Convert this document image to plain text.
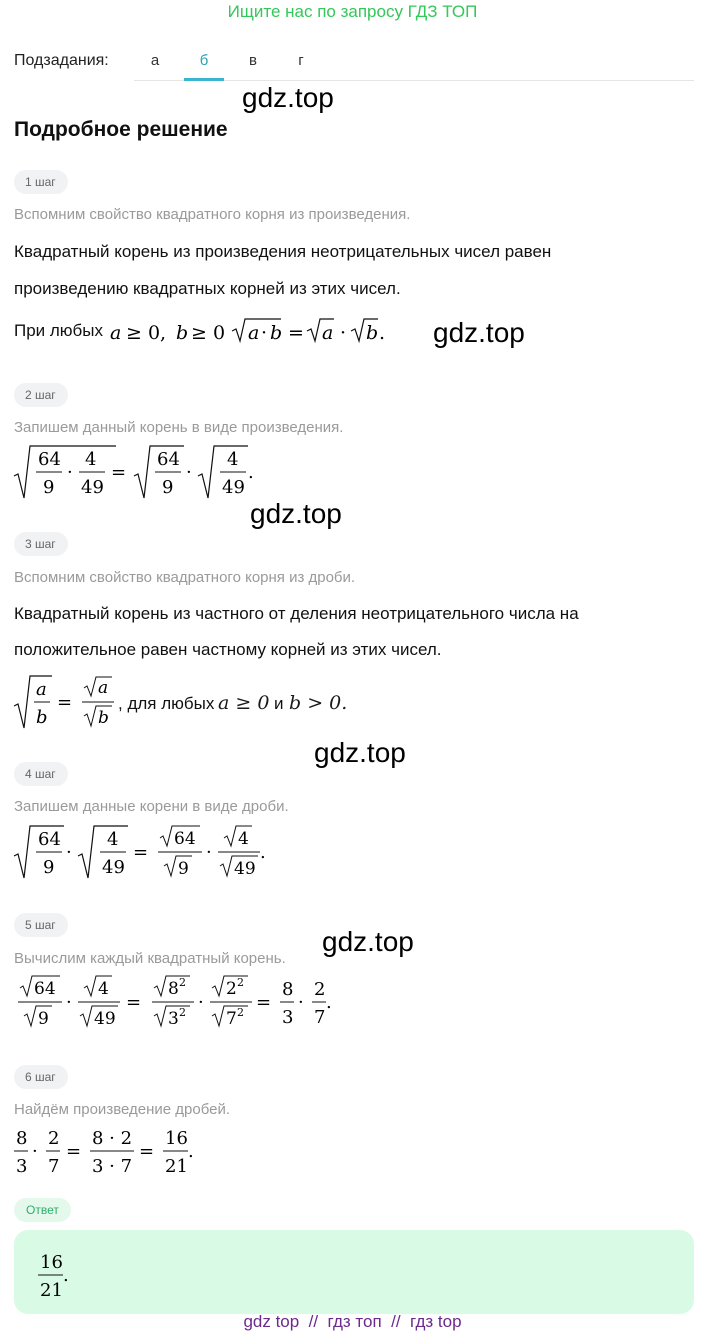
Ищите нас по запросу ГДЗ ТОП
Подзадания:	а	б	в	г
gdz.top
gdz.top
gdz.top
gdz.top
gdz.top
Подробное решение
1 шаг
Вспомним свойство квадратного корня из произведения.
Квадратный корень из произведения неотрицательных чисел равен
произведению квадратных корней из этих чисел.
При любых a ≥ 0, b ≥ 0 a · b = a · b .
2 шаг
Запишем данный корень в виде произведения.
64
9
·
4
49
=
64
9
·
4
49
.
3 шаг
Вспомним свойство квадратного корня из дроби.
Квадратный корень из частного от деления неотрицательного числа на
положительное равен частному корней из этих чисел.
a
b
=
a
b
, для любых a ≥ 0 и b > 0.
4 шаг
Запишем данные корени в виде дроби.
64
9
·
4
49
=
64
9
·
4
49
.
5 шаг
Вычислим каждый квадратный корень.
64
9
·
4
49
=
8 2
3 2 ·
2 2
7 2 =
8
3
·
2
7
.
6 шаг
Найдём произведение дробей.
8
3
·
2
7
=
8 · 2
3 · 7
=
16
21
.
Ответ
16
21
.
gdz top  //  гдз топ  //  гдз top
